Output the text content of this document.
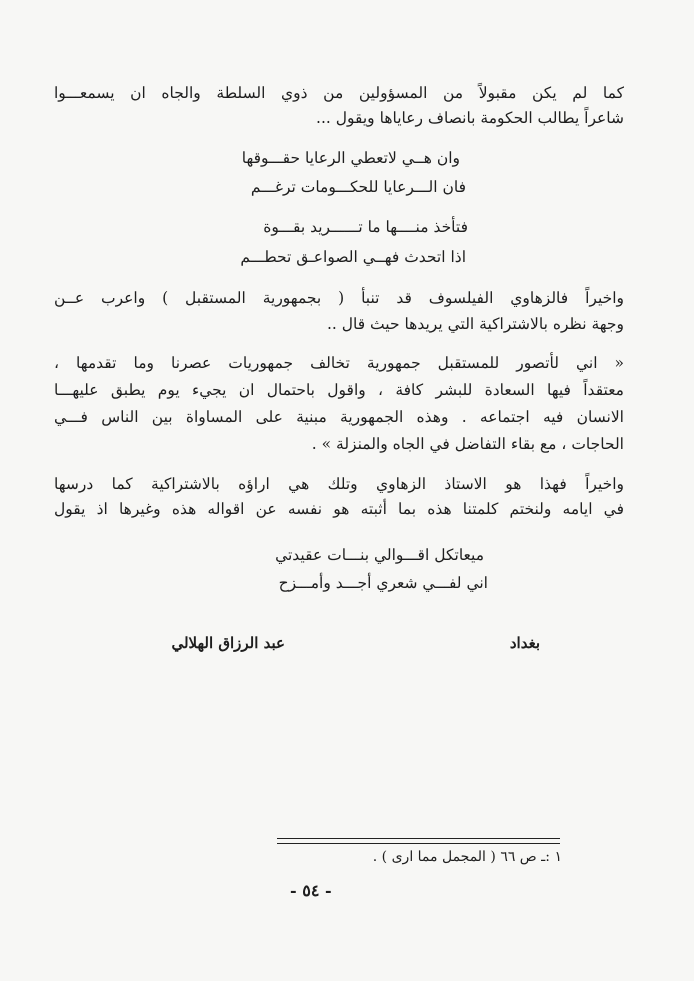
كما لم يكن مقبولاً من المسؤولين من ذوي السلطة والجاه ان يسمعـــوا
شاعراً يطالب الحكومة بانصاف رعاياها ويقول ...
وان هــي لاتعطي الرعايا حقـــوقها
فان الـــرعايا للحكـــومات ترغـــم
فتأخذ منــــها ما تــــــريد بقـــوة
اذا اتحدث فهــي الصواعـق تحطـــم
واخيراً فالزهاوي الفيلسوف قد تنبأ ( بجمهورية المستقبل ) واعرب عــن
وجهة نظره بالاشتراكية التي يريدها حيث قال ..
« اني لأتصور للمستقبل جمهورية تخالف جمهوريات عصرنا وما تقدمها ،
معتقداً فيها السعادة للبشر كافة ، واقول باحتمال ان يجيء يوم يطبق عليهـــا
الانسان فيه اجتماعه . وهذه الجمهورية مبنية على المساواة بين الناس فـــي
الحاجات ، مع بقاء التفاضل في الجاه والمنزلة » .
واخيراً فهذا هو الاستاذ الزهاوي وتلك هي اراؤه بالاشتراكية كما درسها
في ايامه ولنختم كلمتنا هذه بما أثبته هو نفسه عن اقواله هذه وغيرها اذ يقول
ميعاتكل اقـــوالي بنـــات عقيدتي
اني لفـــي شعري أجـــد وأمـــزح
بغداد
عبد الرزاق الهلالي
١ :ـ ص ٦٦ ( المجمل مما ارى ) .
- ٥٤ -
